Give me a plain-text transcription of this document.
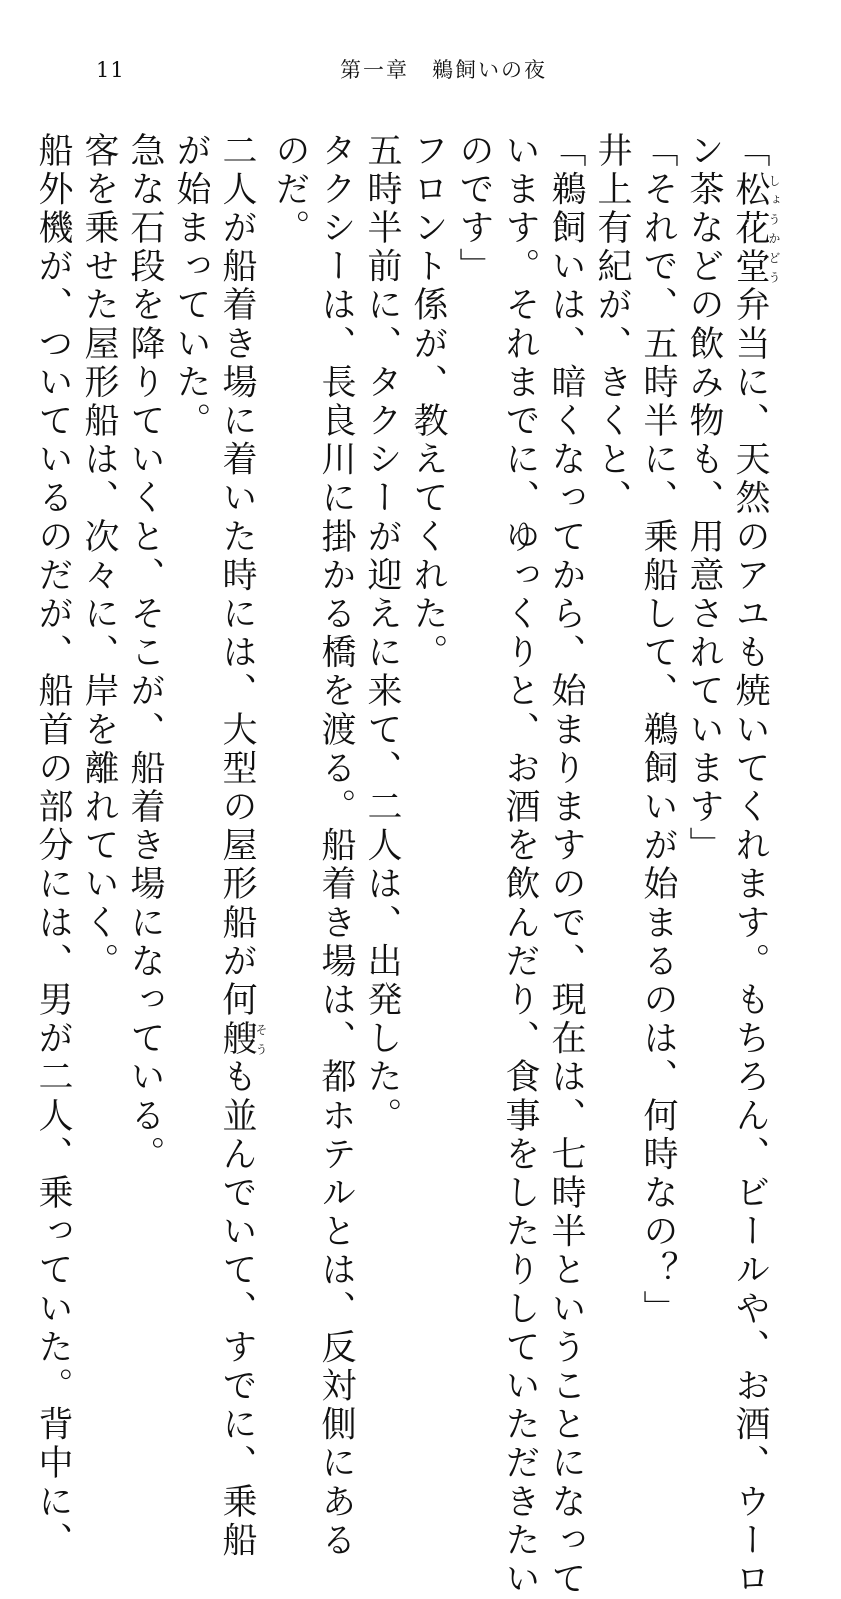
11	第一章　鵜飼いの夜
「松花堂しょうかどう弁当に、天然のアユも焼いてくれます。もちろん、ビールや、お酒、ウーロ
ン茶などの飲み物も、用意されています」
「それで、五時半に、乗船して、鵜飼いが始まるのは、何時なの？」
井上有紀が、きくと、
「鵜飼いは、暗くなってから、始まりますので、現在は、七時半ということになって
います。それまでに、ゆっくりと、お酒を飲んだり、食事をしたりしていただきたい
のです」
フロント係が、教えてくれた。
五時半前に、タクシーが迎えに来て、二人は、出発した。
タクシーは、長良川に掛かる橋を渡る。船着き場は、都ホテルとは、反対側にある
のだ。
二人が船着き場に着いた時には、大型の屋形船が何艘そうも並んでいて、すでに、乗船
が始まっていた。
急な石段を降りていくと、そこが、船着き場になっている。
客を乗せた屋形船は、次々に、岸を離れていく。
船外機が、ついているのだが、船首の部分には、男が二人、乗っていた。背中に、
